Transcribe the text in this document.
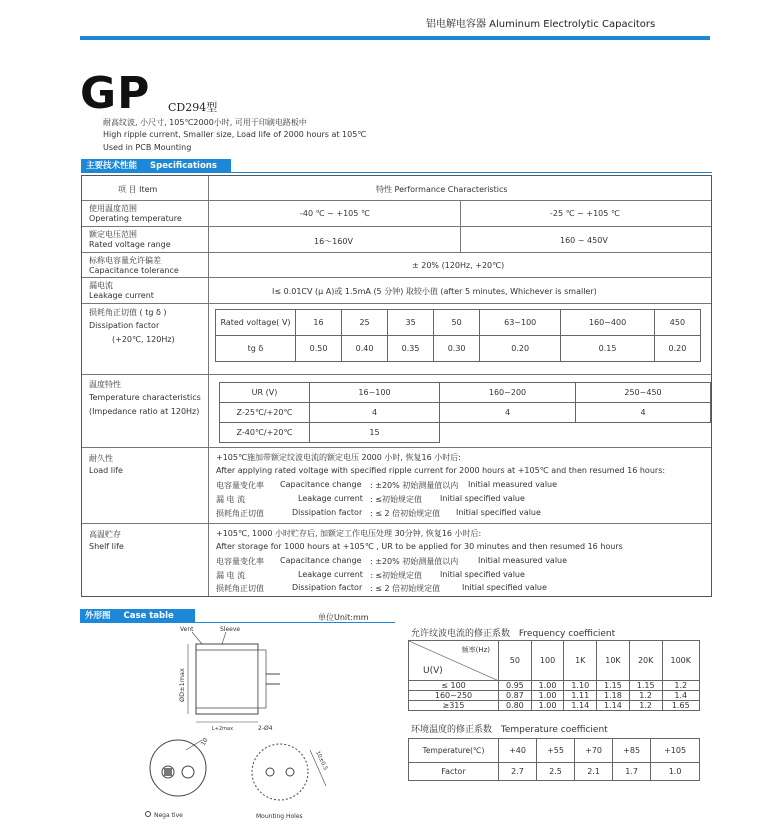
铝电解电容器 Aluminum Electrolytic Capacitors
GP CD294型
耐高纹波, 小尺寸, 105℃2000小时, 可用于印刷电路板中
High ripple current, Smaller size, Load life of 2000 hours at 105℃
Used in PCB Mounting
主要技术性能 Specifications
项 目 Item	特性 Performance Characteristics
使用温度范围
Operating temperature
-40 ℃ ~ +105 ℃	-25 ℃ ~ +105 ℃
额定电压范围
Rated voltage range	16～160V	160 ~ 450V
标称电容量允许偏差
Capacitance tolerance
± 20% (120Hz, +20℃)
漏电流
Leakage current	I≤ 0.01CV (μ A)或 1.5mA (5 分钟) 取较小值 (after 5 minutes, Whichever is smaller)
损耗角正切值 ( tg δ )
Dissipation factor
(+20℃, 120Hz)
Rated voltage( V)	16	25	35	50	63~100	160~400	450
tg δ	0.50	0.40	0.35	0.30	0.20	0.15	0.20
温度特性
Temperature characteristics
(Impedance ratio at 120Hz)
UR (V)	16~100	160~200	250~450
Z-25℃/+20℃	4	4	4
Z-40℃/+20℃	15		
耐久性
Load life
+105℃施加带额定纹波电流的额定电压 2000 小时, 恢复16 小时后:
After applying rated voltage with specified ripple current for 2000 hours at +105℃ and then resumed 16 hours:
电容量变化率 Capacitance change : ±20% 初始测量值以内 Initial measured value
漏 电 流	Leakage current : ≤初始规定值 Initial specified value
损耗角正切值	Dissipation factor : ≤ 2 倍初始规定值 Initial specified value
高温贮存
Shelf life
+105℃, 1000 小时贮存后, 加额定工作电压处理 30分钟, 恢复16 小时后:
After storage for 1000 hours at +105℃ , UR to be applied for 30 minutes and then resumed 16 hours
电容量变化率 Capacitance change : ±20% 初始测量值以内 Initial measured value
漏 电 流	Leakage current : ≤初始规定值 Initial specified value
损耗角正切值	Dissipation factor : ≤ 2 倍初始规定值	Initial specified value
外形图 Case table	单位Unit:mm
Vent	Sleeve
ØD±1max
L+2max
10
Nega tive
2-Ø4
10±0.5
Mounting Holes
允许纹波电流的修正系数 Frequency coefficient
频率(Hz)
U(V)	50	100	1K	10K	20K	100K
≤ 100	0.95	1.00	1.10	1.15	1.15	1.2
160~250	0.87	1.00	1.11	1.18	1.2	1.4
≥315	0.80	1.00	1.14	1.14	1.2	1.65
环境温度的修正系数 Temperature coefficient
Temperature(℃)	+40	+55	+70	+85	+105
Factor	2.7	2.5	2.1	1.7	1.0
